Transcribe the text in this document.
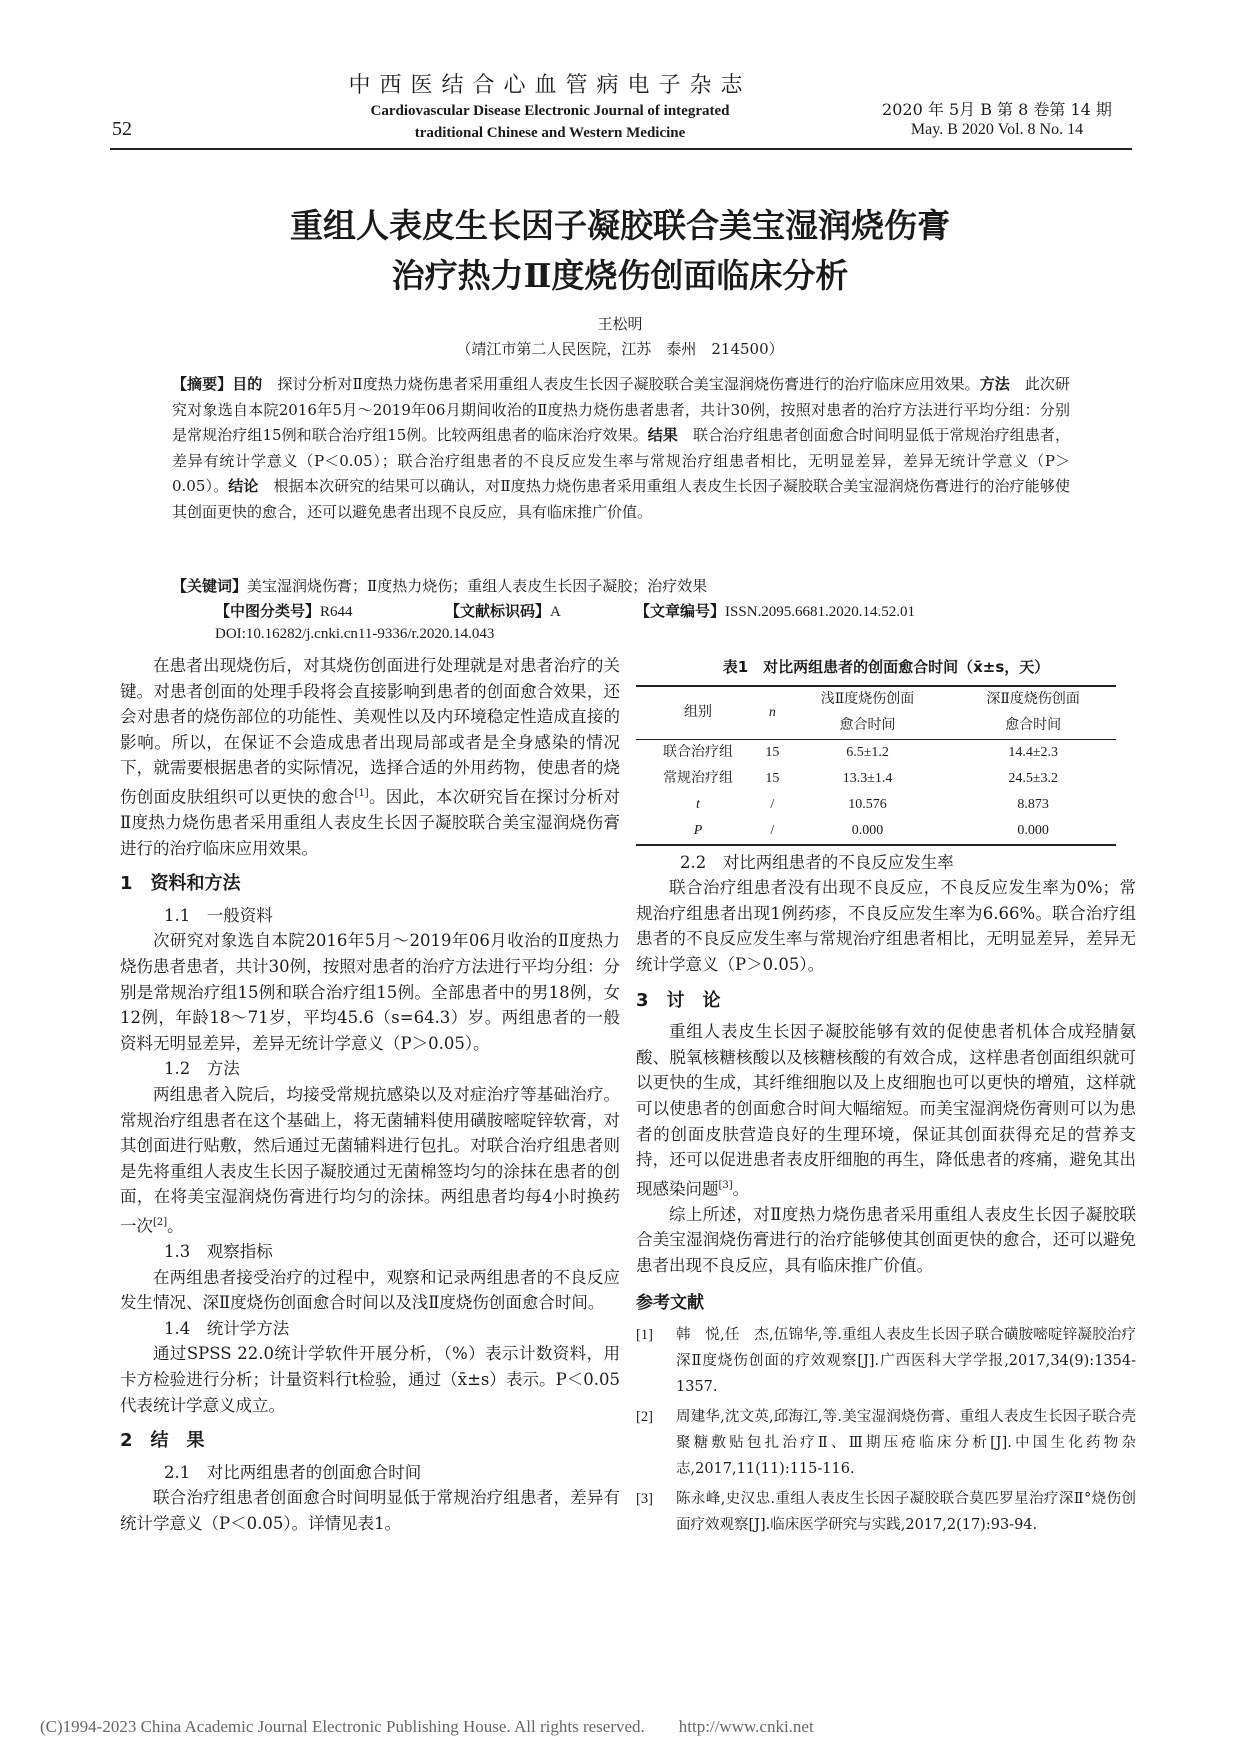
52
中西医结合心血管病电子杂志
Cardiovascular Disease Electronic Journal of integrated
traditional Chinese and Western Medicine
2020 年 5月 B 第 8 卷第 14 期
May. B 2020 Vol. 8 No. 14
重组人表皮生长因子凝胶联合美宝湿润烧伤膏
治疗热力Ⅱ度烧伤创面临床分析
王松明
（靖江市第二人民医院，江苏　泰州　214500）
【摘要】目的　 探讨分析对Ⅱ度热力烧伤患者采用重组人表皮生长因子凝胶联合美宝湿润烧伤膏进行的治疗临床应用效果。方法　 此次研究对象选自本院2016年5月～2019年06月期间收治的Ⅱ度热力烧伤患者患者，共计30例，按照对患者的治疗方法进行平均分组：分别是常规治疗组15例和联合治疗组15例。比较两组患者的临床治疗效果。结果　 联合治疗组患者创面愈合时间明显低于常规治疗组患者，差异有统计学意义（P＜0.05）；联合治疗组患者的不良反应发生率与常规治疗组患者相比，无明显差异，差异无统计学意义（P＞0.05）。结论　 根据本次研究的结果可以确认，对Ⅱ度热力烧伤患者采用重组人表皮生长因子凝胶联合美宝湿润烧伤膏进行的治疗能够使其创面更快的愈合，还可以避免患者出现不良反应，具有临床推广价值。
【关键词】美宝湿润烧伤膏；Ⅱ度热力烧伤；重组人表皮生长因子凝胶；治疗效果
【中图分类号】R644	【文献标识码】A	【文章编号】ISSN.2095.6681.2020.14.52.01
DOI:10.16282/j.cnki.cn11-9336/r.2020.14.043

在患者出现烧伤后，对其烧伤创面进行处理就是对患者治疗的关键。对患者创面的处理手段将会直接影响到患者的创面愈合效果，还会对患者的烧伤部位的功能性、美观性以及内环境稳定性造成直接的影响。所以，在保证不会造成患者出现局部或者是全身感染的情况下，就需要根据患者的实际情况，选择合适的外用药物，使患者的烧伤创面皮肤组织可以更快的愈合[1]。因此，本次研究旨在探讨分析对Ⅱ度热力烧伤患者采用重组人表皮生长因子凝胶联合美宝湿润烧伤膏进行的治疗临床应用效果。

1　资料和方法
1.1　一般资料

次研究对象选自本院2016年5月～2019年06月收治的Ⅱ度热力烧伤患者患者，共计30例，按照对患者的治疗方法进行平均分组：分别是常规治疗组15例和联合治疗组15例。全部患者中的男18例，女12例，年龄18～71岁，平均45.6（s=64.3）岁。两组患者的一般资料无明显差异，差异无统计学意义（P＞0.05）。

1.2　方法

两组患者入院后，均接受常规抗感染以及对症治疗等基础治疗。常规治疗组患者在这个基础上，将无菌辅料使用磺胺嘧啶锌软膏，对其创面进行贴敷，然后通过无菌辅料进行包扎。对联合治疗组患者则是先将重组人表皮生长因子凝胶通过无菌棉签均匀的涂抹在患者的创面，在将美宝湿润烧伤膏进行均匀的涂抹。两组患者均每4小时换药一次[2]。

1.3　观察指标

在两组患者接受治疗的过程中，观察和记录两组患者的不良反应发生情况、深Ⅱ度烧伤创面愈合时间以及浅Ⅱ度烧伤创面愈合时间。

1.4　统计学方法

通过SPSS 22.0统计学软件开展分析，（%）表示计数资料，用卡方检验进行分析；计量资料行t检验，通过（x̄±s）表示。P＜0.05代表统计学意义成立。

2　结　果
2.1　对比两组患者的创面愈合时间

联合治疗组患者创面愈合时间明显低于常规治疗组患者，差异有统计学意义（P＜0.05）。详情见表1。

表1　对比两组患者的创面愈合时间（x̄±s，天）
组别	n	浅Ⅱ度烧伤创面	深Ⅱ度烧伤创面
		愈合时间	愈合时间
联合治疗组	15	6.5±1.2	14.4±2.3
常规治疗组	15	13.3±1.4	24.5±3.2
t	/	10.576	8.873
P	/	0.000	0.000
2.2　对比两组患者的不良反应发生率

联合治疗组患者没有出现不良反应，不良反应发生率为0%；常规治疗组患者出现1例药疹，不良反应发生率为6.66%。联合治疗组患者的不良反应发生率与常规治疗组患者相比，无明显差异，差异无统计学意义（P＞0.05）。

3　讨　论

重组人表皮生长因子凝胶能够有效的促使患者机体合成羟腈氨酸、脱氧核糖核酸以及核糖核酸的有效合成，这样患者创面组织就可以更快的生成，其纤维细胞以及上皮细胞也可以更快的增殖，这样就可以使患者的创面愈合时间大幅缩短。而美宝湿润烧伤膏则可以为患者的创面皮肤营造良好的生理环境，保证其创面获得充足的营养支持，还可以促进患者表皮肝细胞的再生，降低患者的疼痛，避免其出现感染问题[3]。

综上所述，对Ⅱ度热力烧伤患者采用重组人表皮生长因子凝胶联合美宝湿润烧伤膏进行的治疗能够使其创面更快的愈合，还可以避免患者出现不良反应，具有临床推广价值。

参考文献
[1]	韩　悦,任　杰,伍锦华,等.重组人表皮生长因子联合磺胺嘧啶锌凝胶治疗深Ⅱ度烧伤创面的疗效观察[J].广西医科大学学报,2017,34(9):1354-1357.
[2]	周建华,沈文英,邱海江,等.美宝湿润烧伤膏、重组人表皮生长因子联合壳聚糖敷贴包扎治疗Ⅱ、Ⅲ期压疮临床分析[J].中国生化药物杂志,2017,11(11):115-116.
[3]	陈永峰,史汉忠.重组人表皮生长因子凝胶联合莫匹罗星治疗深Ⅱ°烧伤创面疗效观察[J].临床医学研究与实践,2017,2(17):93-94.
(C)1994-2023 China Academic Journal Electronic Publishing House. All rights reserved.　　http://www.cnki.net
